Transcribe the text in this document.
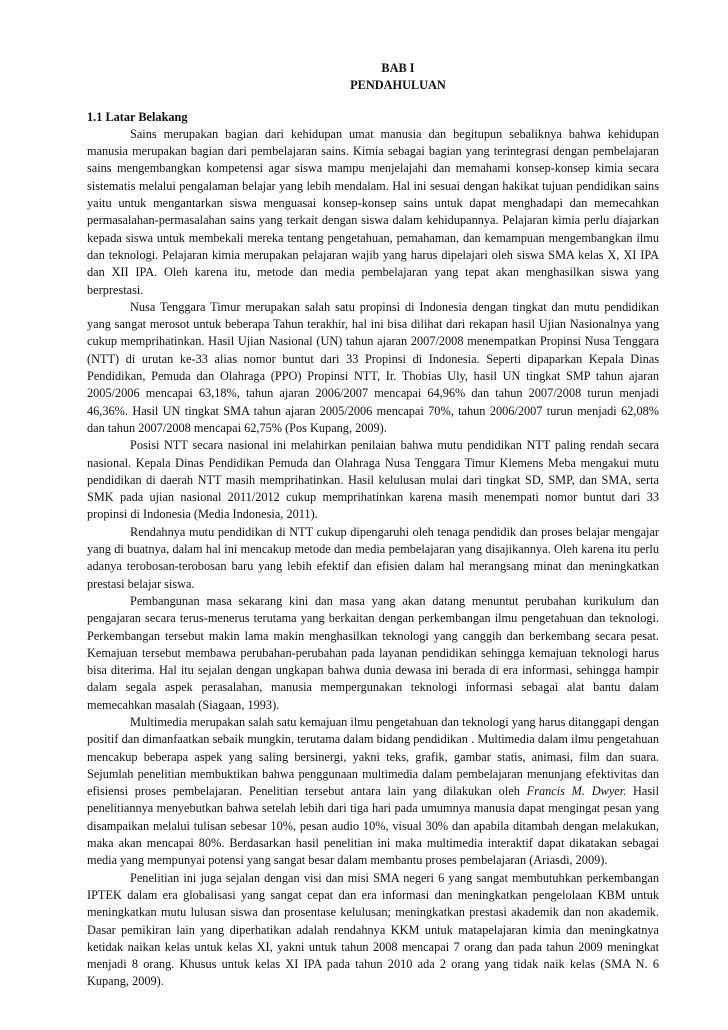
BAB I

PENDAHULUAN

1.1 Latar Belakang

Sains merupakan bagian dari kehidupan umat manusia dan begitupun sebaliknya bahwa kehidupan manusia merupakan bagian dari pembelajaran sains. Kimia sebagai bagian yang terintegrasi dengan pembelajaran sains mengembangkan kompetensi agar siswa mampu menjelajahi dan memahami konsep-konsep kimia secara sistematis melalui pengalaman belajar yang lebih mendalam. Hal ini sesuai dengan hakikat tujuan pendidikan sains yaitu untuk mengantarkan siswa menguasai konsep-konsep sains untuk dapat menghadapi dan memecahkan permasalahan-permasalahan sains yang terkait dengan siswa dalam kehidupannya. Pelajaran kimia perlu diajarkan kepada siswa untuk membekali mereka tentang pengetahuan, pemahaman, dan kemampuan mengembangkan ilmu dan teknologi. Pelajaran kimia merupakan pelajaran wajib yang harus dipelajari oleh siswa SMA kelas X, XI IPA dan XII IPA. Oleh karena itu, metode dan media pembelajaran yang tepat akan menghasilkan siswa yang berprestasi.

Nusa Tenggara Timur merupakan salah satu propinsi di Indonesia dengan tingkat dan mutu pendidikan yang sangat merosot untuk beberapa Tahun terakhir, hal ini bisa dilihat dari rekapan hasil Ujian Nasionalnya yang cukup memprihatinkan. Hasil Ujian Nasional (UN) tahun ajaran 2007/2008 menempatkan Propinsi Nusa Tenggara (NTT) di urutan ke-33 alias nomor buntut dari 33 Propinsi di Indonesia. Seperti dipaparkan Kepala Dinas Pendidikan, Pemuda dan Olahraga (PPO) Propinsi NTT, Ir. Thobias Uly, hasil UN tingkat SMP tahun ajaran 2005/2006 mencapai 63,18%, tahun ajaran 2006/2007 mencapai 64,96% dan tahun 2007/2008 turun menjadi 46,36%. Hasil UN tingkat SMA tahun ajaran 2005/2006 mencapai 70%, tahun 2006/2007 turun menjadi 62,08% dan tahun 2007/2008 mencapai 62,75% (Pos Kupang, 2009).

Posisi NTT secara nasional ini melahirkan penilaian bahwa mutu pendidikan NTT paling rendah secara nasional. Kepala Dinas Pendidikan Pemuda dan Olahraga Nusa Tenggara Timur Klemens Meba mengakui mutu pendidikan di daerah NTT masih memprihatinkan. Hasil kelulusan mulai dari tingkat SD, SMP, dan SMA, serta SMK pada ujian nasional 2011/2012 cukup memprihatinkan karena masih menempati nomor buntut dari 33 propinsi di Indonesia (Media Indonesia, 2011).

Rendahnya mutu pendidikan di NTT cukup dipengaruhi oleh tenaga pendidik dan proses belajar mengajar yang di buatnya, dalam hal ini mencakup metode dan media pembelajaran yang disajikannya. Oleh karena itu perlu adanya terobosan-terobosan baru yang lebih efektif dan efisien dalam hal merangsang minat dan meningkatkan prestasi belajar siswa.

Pembangunan masa sekarang kini dan masa yang akan datang menuntut perubahan kurikulum dan pengajaran secara terus-menerus terutama yang berkaitan dengan perkembangan ilmu pengetahuan dan teknologi. Perkembangan tersebut makin lama makin menghasilkan teknologi yang canggih dan berkembang secara pesat. Kemajuan tersebut membawa perubahan-perubahan pada layanan pendidikan sehingga kemajuan teknologi harus bisa diterima. Hal itu sejalan dengan ungkapan bahwa dunia dewasa ini berada di era informasi, sehingga hampir dalam segala aspek perasalahan, manusia mempergunakan teknologi informasi sebagai alat bantu dalam memecahkan masalah (Siagaan, 1993).

Multimedia merupakan salah satu kemajuan ilmu pengetahuan dan teknologi yang harus ditanggapi dengan positif dan dimanfaatkan sebaik mungkin, terutama dalam bidang pendidikan . Multimedia dalam ilmu pengetahuan mencakup beberapa aspek yang saling bersinergi, yakni teks, grafik, gambar statis, animasi, film dan suara. Sejumlah penelitian membuktikan bahwa penggunaan multimedia dalam pembelajaran menunjang efektivitas dan efisiensi proses pembelajaran. Penelitian tersebut antara lain yang dilakukan oleh Francis M. Dwyer. Hasil penelitiannya menyebutkan bahwa setelah lebih dari tiga hari pada umumnya manusia dapat mengingat pesan yang disampaikan melalui tulisan sebesar 10%, pesan audio 10%, visual 30% dan apabila ditambah dengan melakukan, maka akan mencapai 80%. Berdasarkan hasil penelitian ini maka multimedia interaktif dapat dikatakan sebagai media yang mempunyai potensi yang sangat besar dalam membantu proses pembelajaran (Ariasdi, 2009).

Penelitian ini juga sejalan dengan visi dan misi SMA negeri 6 yang sangat membutuhkan perkembangan IPTEK dalam era globalisasi yang sangat cepat dan era informasi dan meningkatkan pengelolaan KBM untuk meningkatkan mutu lulusan siswa dan prosentase kelulusan; meningkatkan prestasi akademik dan non akademik. Dasar pemikiran lain yang diperhatikan adalah rendahnya KKM untuk matapelajaran kimia dan meningkatnya ketidak naikan kelas untuk kelas XI, yakni untuk tahun 2008 mencapai 7 orang dan pada tahun 2009 meningkat menjadi 8 orang. Khusus untuk kelas XI IPA pada tahun 2010 ada 2 orang yang tidak naik kelas (SMA N. 6 Kupang, 2009).
